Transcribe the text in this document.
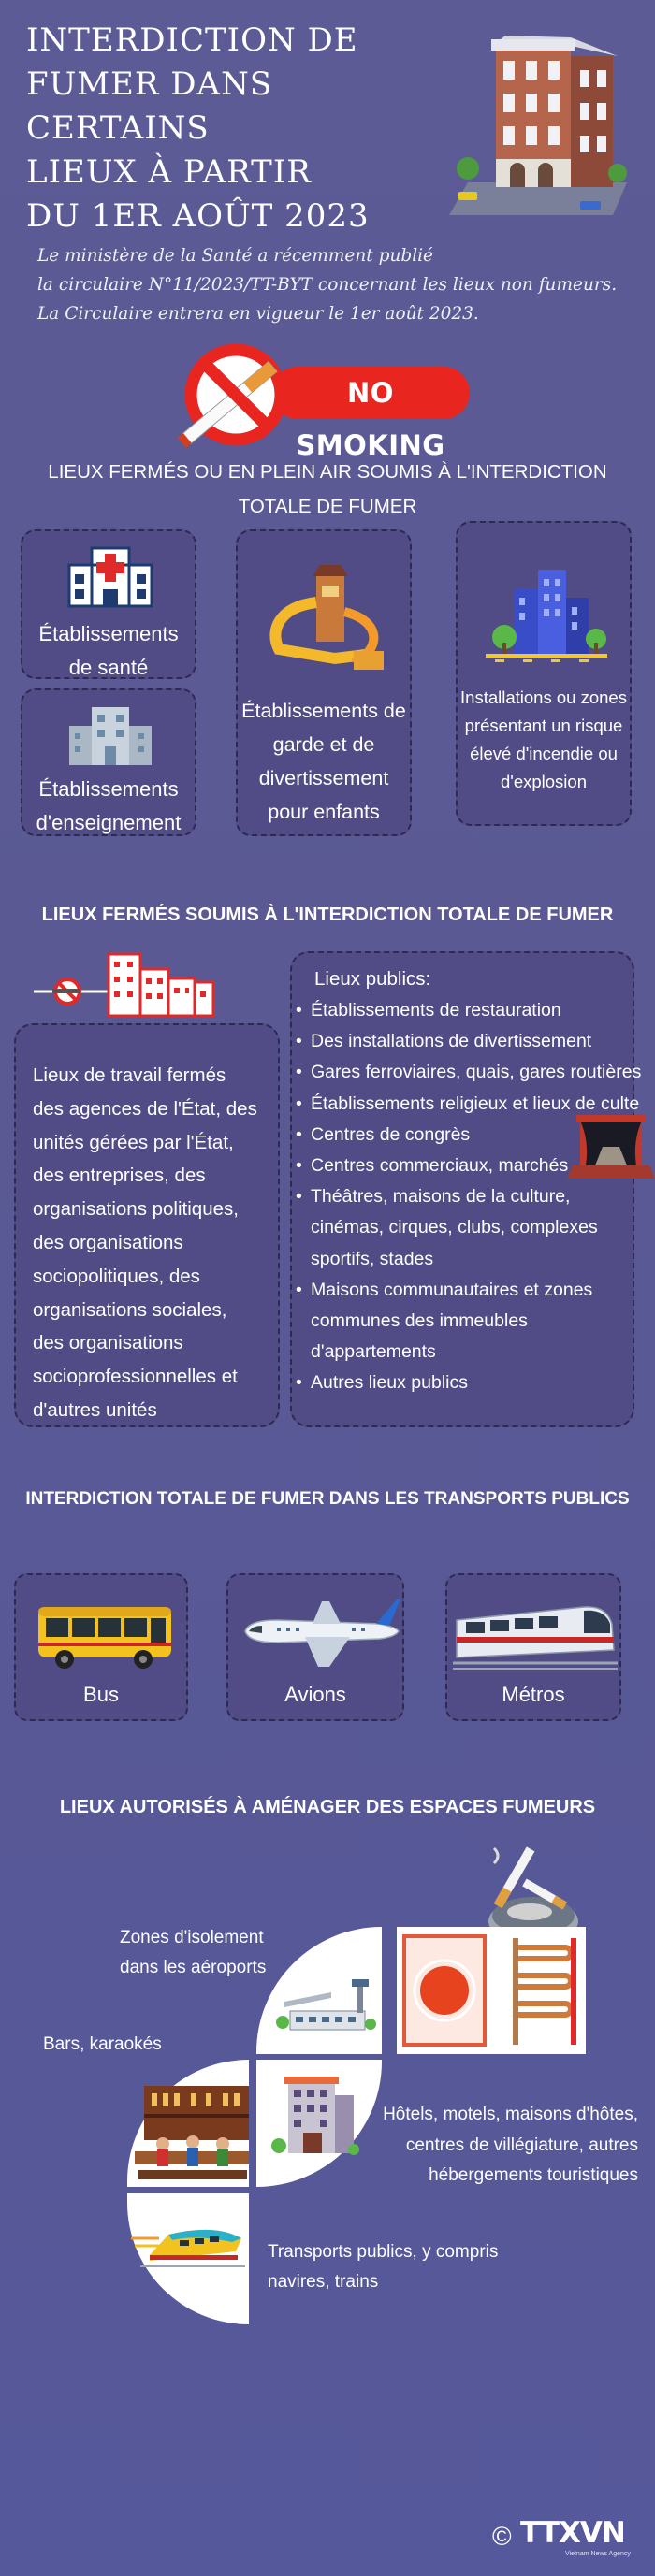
INTERDICTION DE
FUMER DANS CERTAINS
LIEUX À PARTIR
DU 1ER AOÛT 2023
Le ministère de la Santé a récemment publié
la circulaire N°11/2023/TT-BYT concernant les lieux non fumeurs.
La Circulaire entrera en vigueur le 1er août 2023.
NO SMOKING
LIEUX FERMÉS OU EN PLEIN AIR SOUMIS À L'INTERDICTION
TOTALE DE FUMER
Établissements
de santé
Établissements
d'enseignement
Établissements de
garde et de
divertissement
pour enfants
Installations ou zones
présentant un risque
élevé d'incendie ou
d'explosion
LIEUX FERMÉS SOUMIS À L'INTERDICTION TOTALE DE FUMER
Lieux de travail fermés
des agences de l'État, des
unités gérées par l'État,
des entreprises, des
organisations politiques,
des organisations
sociopolitiques, des
organisations sociales,
des organisations
socioprofessionnelles et
d'autres unités
Lieux publics:
• Établissements de restauration
• Des installations de divertissement
• Gares ferroviaires, quais, gares routières
• Établissements religieux et lieux de culte
• Centres de congrès
• Centres commerciaux, marchés
• Théâtres, maisons de la culture,
cinémas, cirques, clubs, complexes
sportifs, stades
• Maisons communautaires et zones
communes des immeubles
d'appartements
• Autres lieux publics
INTERDICTION TOTALE DE FUMER DANS LES TRANSPORTS PUBLICS
Bus	Avions	Métros
LIEUX AUTORISÉS À AMÉNAGER DES ESPACES FUMEURS
Zones d'isolement
dans les aéroports
Bars, karaokés
Hôtels, motels, maisons d'hôtes,
centres de villégiature, autres
hébergements touristiques
Transports publics, y compris
navires, trains
© TTXVN
Vietnam News Agency
